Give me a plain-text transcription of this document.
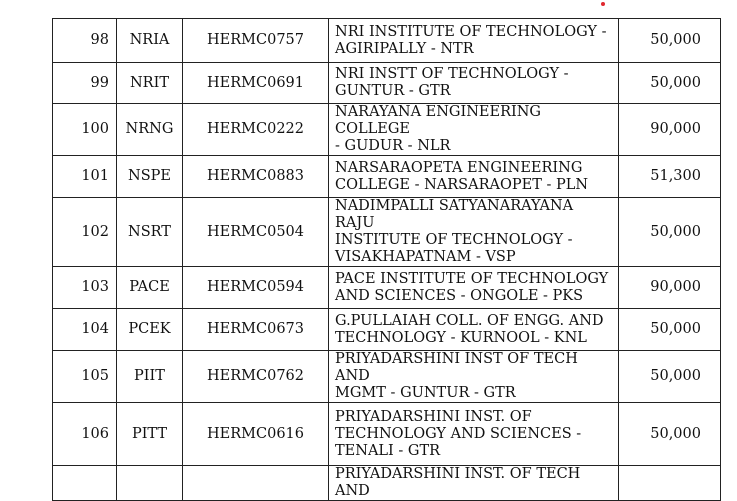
98	NRIA	HERMC0757	NRI INSTITUTE OF TECHNOLOGY -
AGIRIPALLY - NTR	50,000
99	NRIT	HERMC0691	NRI INSTT OF TECHNOLOGY -
GUNTUR - GTR	50,000
100	NRNG	HERMC0222	NARAYANA ENGINEERING COLLEGE
- GUDUR - NLR	90,000
101	NSPE	HERMC0883	NARSARAOPETA ENGINEERING
COLLEGE - NARSARAOPET - PLN	51,300
102	NSRT	HERMC0504	NADIMPALLI SATYANARAYANA RAJU
INSTITUTE OF TECHNOLOGY -
VISAKHAPATNAM - VSP	50,000
103	PACE	HERMC0594	PACE INSTITUTE OF TECHNOLOGY
AND SCIENCES - ONGOLE - PKS	90,000
104	PCEK	HERMC0673	G.PULLAIAH COLL. OF ENGG. AND
TECHNOLOGY - KURNOOL - KNL	50,000
105	PIIT	HERMC0762	PRIYADARSHINI INST OF TECH AND
MGMT - GUNTUR - GTR	50,000
106	PITT	HERMC0616	PRIYADARSHINI INST. OF
TECHNOLOGY AND SCIENCES -
TENALI - GTR	50,000

			PRIYADARSHINI INST. OF TECH AND	
